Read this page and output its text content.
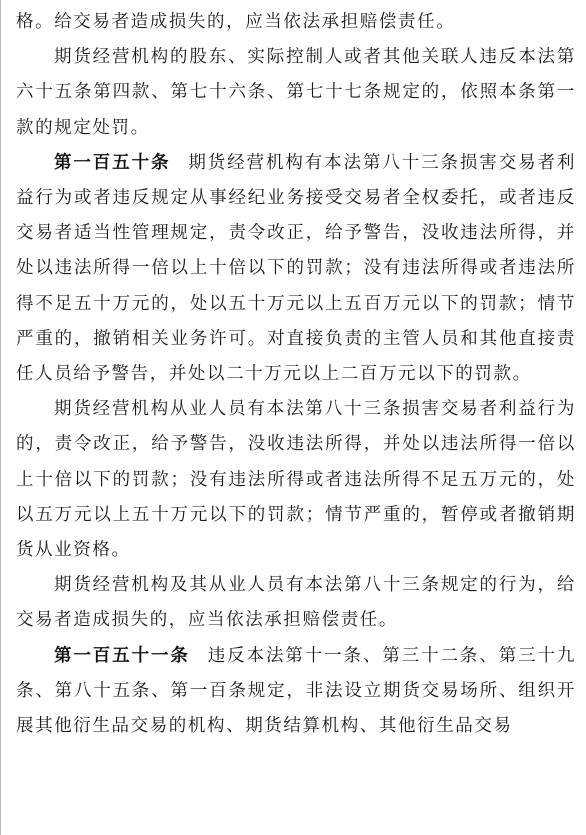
格。给交易者造成损失的，应当依法承担赔偿责任。

期货经营机构的股东、实际控制人或者其他关联人违反本法第六十五条第四款、第七十六条、第七十七条规定的，依照本条第一款的规定处罚。

第一百五十条 期货经营机构有本法第八十三条损害交易者利益行为或者违反规定从事经纪业务接受交易者全权委托，或者违反交易者适当性管理规定，责令改正，给予警告，没收违法所得，并处以违法所得一倍以上十倍以下的罚款；没有违法所得或者违法所得不足五十万元的，处以五十万元以上五百万元以下的罚款；情节严重的，撤销相关业务许可。对直接负责的主管人员和其他直接责任人员给予警告，并处以二十万元以上二百万元以下的罚款。

期货经营机构从业人员有本法第八十三条损害交易者利益行为的，责令改正，给予警告，没收违法所得，并处以违法所得一倍以上十倍以下的罚款；没有违法所得或者违法所得不足五万元的，处以五万元以上五十万元以下的罚款；情节严重的，暂停或者撤销期货从业资格。

期货经营机构及其从业人员有本法第八十三条规定的行为，给交易者造成损失的，应当依法承担赔偿责任。

第一百五十一条 违反本法第十一条、第三十二条、第三十九条、第八十五条、第一百条规定，非法设立期货交易场所、组织开展其他衍生品交易的机构、期货结算机构、其他衍生品交易
